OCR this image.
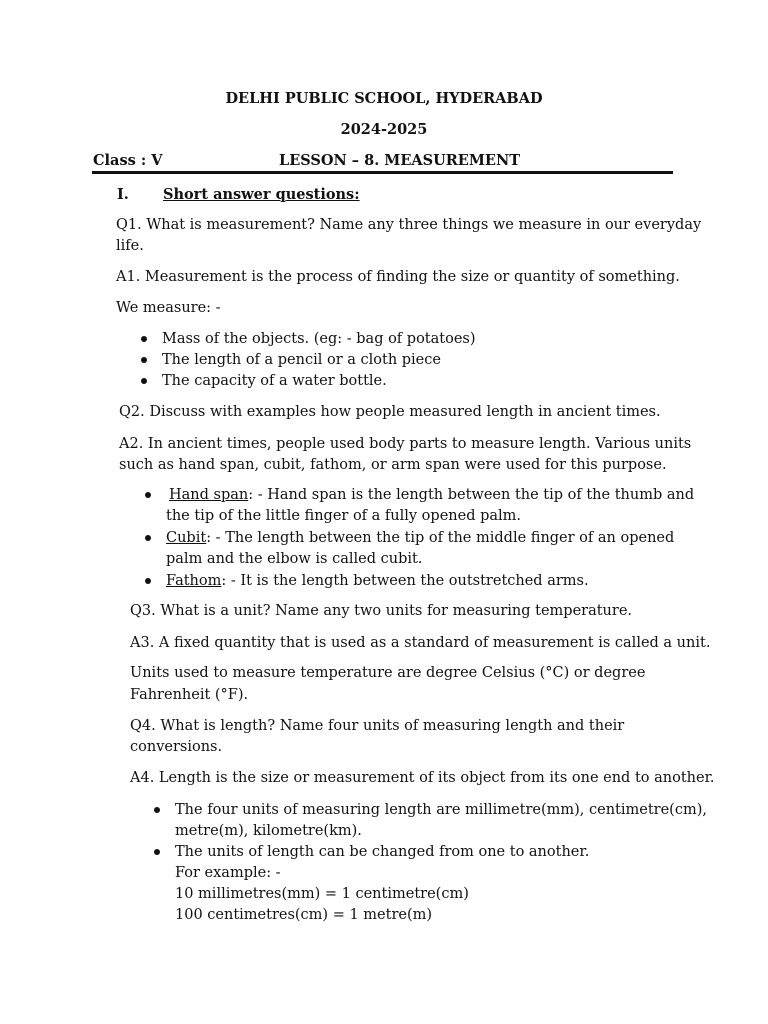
DELHI PUBLIC SCHOOL, HYDERABAD
2024-2025
Class : V	LESSON – 8. MEASUREMENT
I. Short answer questions:
Q1. What is measurement? Name any three things we measure in our everyday
life.
A1. Measurement is the process of finding the size or quantity of something.
We measure: -
Mass of the objects. (eg: - bag of potatoes)
The length of a pencil or a cloth piece
The capacity of a water bottle.
Q2. Discuss with examples how people measured length in ancient times.
A2. In ancient times, people used body parts to measure length. Various units
such as hand span, cubit, fathom, or arm span were used for this purpose.
Hand span: - Hand span is the length between the tip of the thumb and
the tip of the little finger of a fully opened palm.
Cubit: - The length between the tip of the middle finger of an opened
palm and the elbow is called cubit.
Fathom: - It is the length between the outstretched arms.
Q3. What is a unit? Name any two units for measuring temperature.
A3. A fixed quantity that is used as a standard of measurement is called a unit.
Units used to measure temperature are degree Celsius (°C) or degree
Fahrenheit (°F).
Q4. What is length? Name four units of measuring length and their
conversions.
A4. Length is the size or measurement of its object from its one end to another.
The four units of measuring length are millimetre(mm), centimetre(cm),
metre(m), kilometre(km).
The units of length can be changed from one to another.
For example: -
10 millimetres(mm) = 1 centimetre(cm)
100 centimetres(cm) = 1 metre(m)
